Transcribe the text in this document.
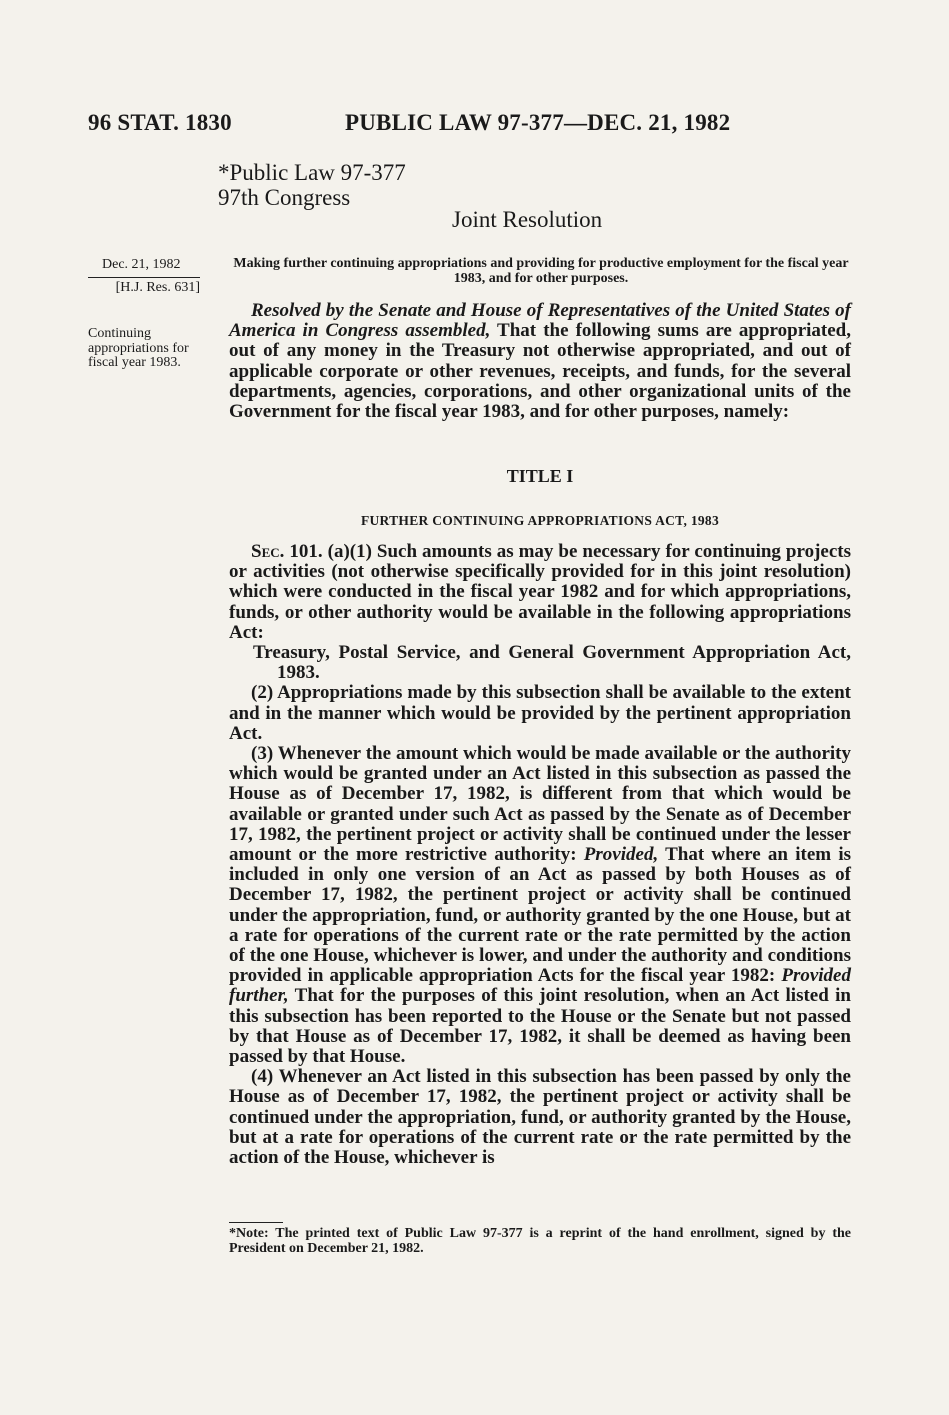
96 STAT. 1830	PUBLIC LAW 97-377—DEC. 21, 1982
*Public Law 97-377
97th Congress
Joint Resolution
Dec. 21, 1982
[H.J. Res. 631]
Continuing appropriations for fiscal year 1983.
Making further continuing appropriations and providing for productive employment for the fiscal year 1983, and for other purposes.

Resolved by the Senate and House of Representatives of the United States of America in Congress assembled, That the following sums are appropriated, out of any money in the Treasury not otherwise appropriated, and out of applicable corporate or other revenues, receipts, and funds, for the several departments, agencies, corporations, and other organizational units of the Government for the fiscal year 1983, and for other purposes, namely:

TITLE I
FURTHER CONTINUING APPROPRIATIONS ACT, 1983

Sec. 101. (a)(1) Such amounts as may be necessary for continuing projects or activities (not otherwise specifically provided for in this joint resolution) which were conducted in the fiscal year 1982 and for which appropriations, funds, or other authority would be available in the following appropriations Act:

Treasury, Postal Service, and General Government Appropriation Act, 1983.

(2) Appropriations made by this subsection shall be available to the extent and in the manner which would be provided by the pertinent appropriation Act.

(3) Whenever the amount which would be made available or the authority which would be granted under an Act listed in this subsection as passed the House as of December 17, 1982, is different from that which would be available or granted under such Act as passed by the Senate as of December 17, 1982, the pertinent project or activity shall be continued under the lesser amount or the more restrictive authority: Provided, That where an item is included in only one version of an Act as passed by both Houses as of December 17, 1982, the pertinent project or activity shall be continued under the appropriation, fund, or authority granted by the one House, but at a rate for operations of the current rate or the rate permitted by the action of the one House, whichever is lower, and under the authority and conditions provided in applicable appropriation Acts for the fiscal year 1982: Provided further, That for the purposes of this joint resolution, when an Act listed in this subsection has been reported to the House or the Senate but not passed by that House as of December 17, 1982, it shall be deemed as having been passed by that House.

(4) Whenever an Act listed in this subsection has been passed by only the House as of December 17, 1982, the pertinent project or activity shall be continued under the appropriation, fund, or authority granted by the House, but at a rate for operations of the current rate or the rate permitted by the action of the House, whichever is

*Note: The printed text of Public Law 97-377 is a reprint of the hand enrollment, signed by the President on December 21, 1982.
